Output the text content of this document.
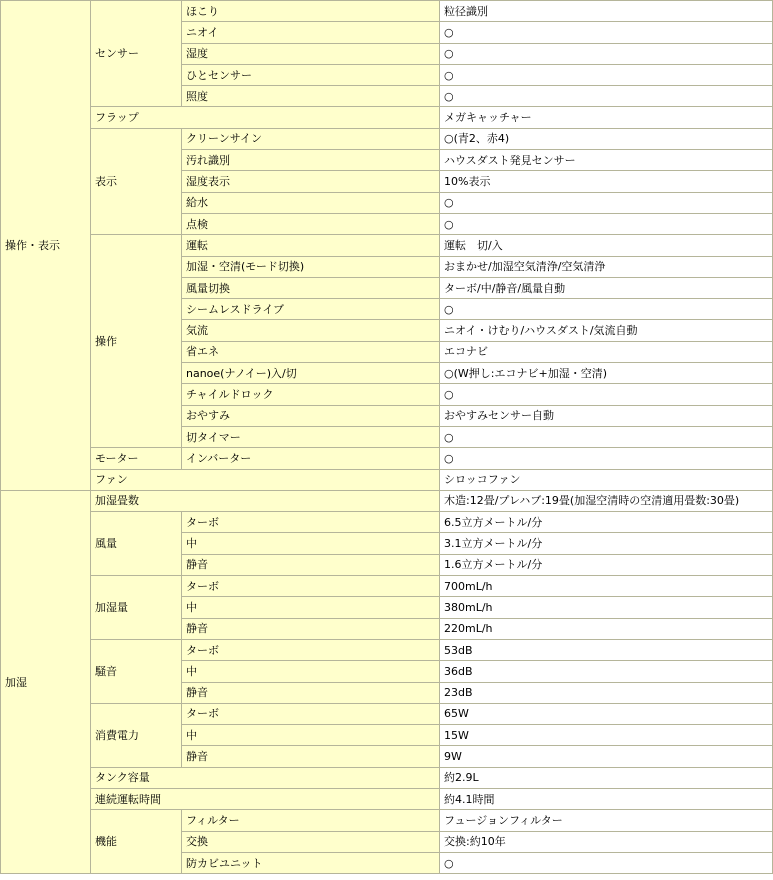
操作・表示	センサー	ほこり	粒径識別
		ニオイ	○
		湿度	○
		ひとセンサー	○
		照度	○
	フラップ		メガキャッチャー
	表示	クリーンサイン	○(青2、赤4)
		汚れ識別	ハウスダスト発見センサー
		湿度表示	10%表示
		給水	○
		点検	○
	操作	運転	運転　切/入
		加湿・空清(モード切換)	おまかせ/加湿空気清浄/空気清浄
		風量切換	ターボ/中/静音/風量自動
		シームレスドライブ	○
		気流	ニオイ・けむり/ハウスダスト/気流自動
		省エネ	エコナビ
		nanoe(ナノイー)入/切	○(W押し:エコナビ+加湿・空清)
		チャイルドロック	○
		おやすみ	おやすみセンサー自動
		切タイマー	○
	モーター	インバーター	○
	ファン		シロッコファン
加湿	加湿畳数		木造:12畳/プレハブ:19畳(加湿空清時の空清適用畳数:30畳)
	風量	ターボ	6.5立方メートル/分
		中	3.1立方メートル/分
		静音	1.6立方メートル/分
	加湿量	ターボ	700mL/h
		中	380mL/h
		静音	220mL/h
	騒音	ターボ	53dB
		中	36dB
		静音	23dB
	消費電力	ターボ	65W
		中	15W
		静音	9W
	タンク容量		約2.9L
	連続運転時間		約4.1時間
	機能	フィルター	フュージョンフィルター
		交換	交換:約10年
		防カビユニット	○
